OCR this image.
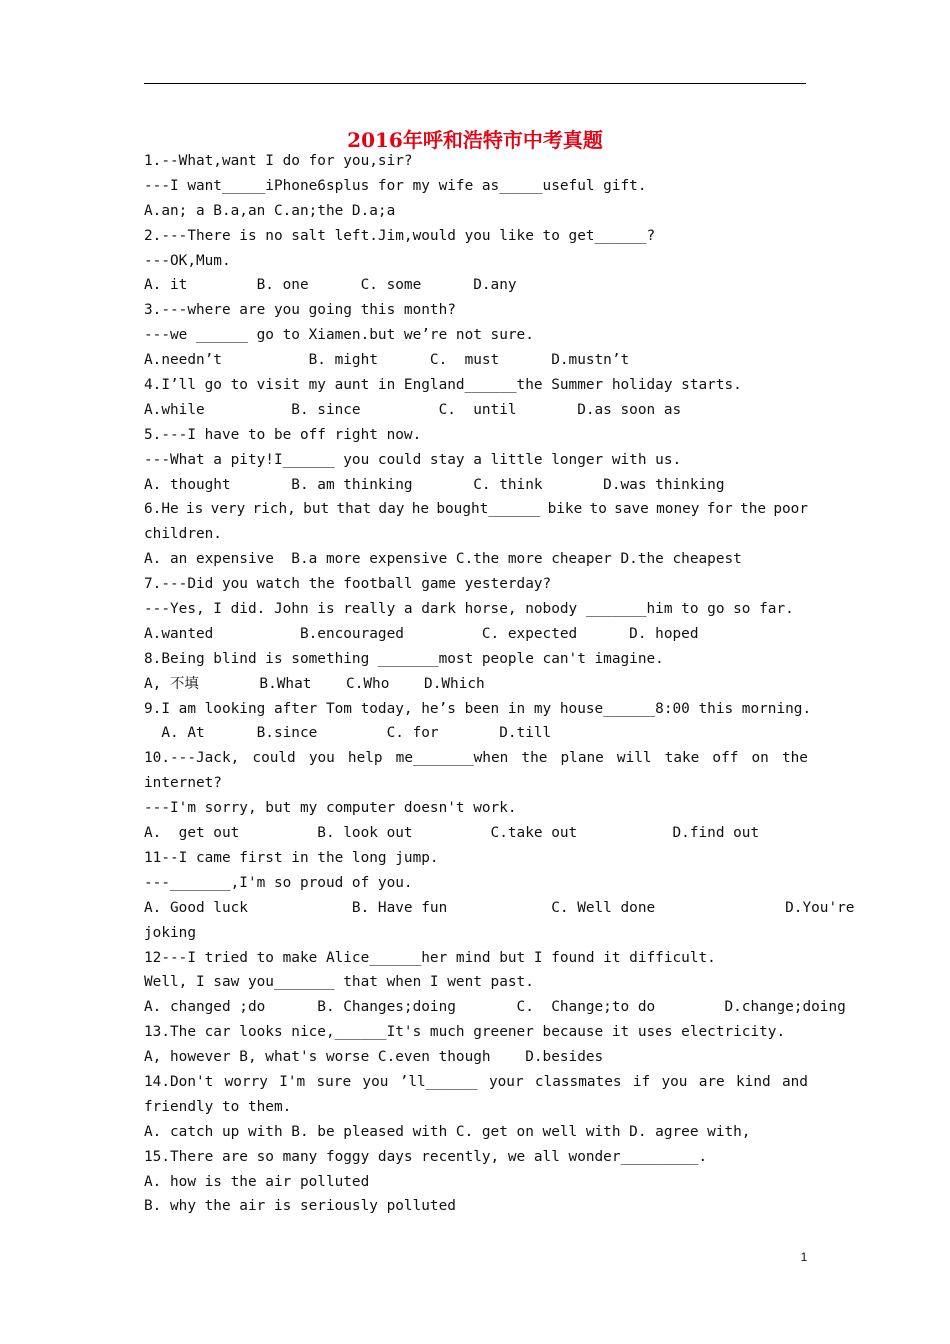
2016年呼和浩特市中考真题
1.--What,want I do for you,sir?
---I want_____iPhone6splus for my wife as_____useful gift.
A.an; a B.a,an C.an;the D.a;a
2.---There is no salt left.Jim,would you like to get______?
---OK,Mum.
A. it        B. one      C. some      D.any
3.---where are you going this month?
---we ______ go to Xiamen.but we’re not sure.
A.needn’t          B. might      C.  must      D.mustn’t
4.I’ll go to visit my aunt in England______the Summer holiday starts.
A.while          B. since         C.  until       D.as soon as
5.---I have to be off right now.
---What a pity!I______ you could stay a little longer with us.
A. thought       B. am thinking       C. think       D.was thinking
6.He is very rich, but that day he bought______ bike to save money for the poor
children.
A. an expensive  B.a more expensive C.the more cheaper D.the cheapest
7.---Did you watch the football game yesterday?
---Yes, I did. John is really a dark horse, nobody _______him to go so far.
A.wanted          B.encouraged         C. expected      D. hoped
8.Being blind is something _______most people can't imagine.
A, 不填       B.What    C.Who    D.Which
9.I am looking after Tom today, he’s been in my house______8:00 this morning.
A. At      B.since        C. for       D.till
10.---Jack, could you help me_______when the plane will take off on the
internet?
---I'm sorry, but my computer doesn't work.
A.  get out         B. look out         C.take out           D.find out
11--I came first in the long jump.
---_______,I'm so proud of you.
A. Good luck            B. Have fun            C. Well done               D.You're
joking
12---I tried to make Alice______her mind but I found it difficult.
Well, I saw you_______ that when I went past.
A. changed ;do      B. Changes;doing       C.  Change;to do        D.change;doing
13.The car looks nice,______It's much greener because it uses electricity.
A, however B, what's worse C.even though    D.besides
14.Don't worry I'm sure you ’ll______ your classmates if you are kind and
friendly to them.
A. catch up with B. be pleased with C. get on well with D. agree with,
15.There are so many foggy days recently, we all wonder_________.
A. how is the air polluted
B. why the air is seriously polluted
1
